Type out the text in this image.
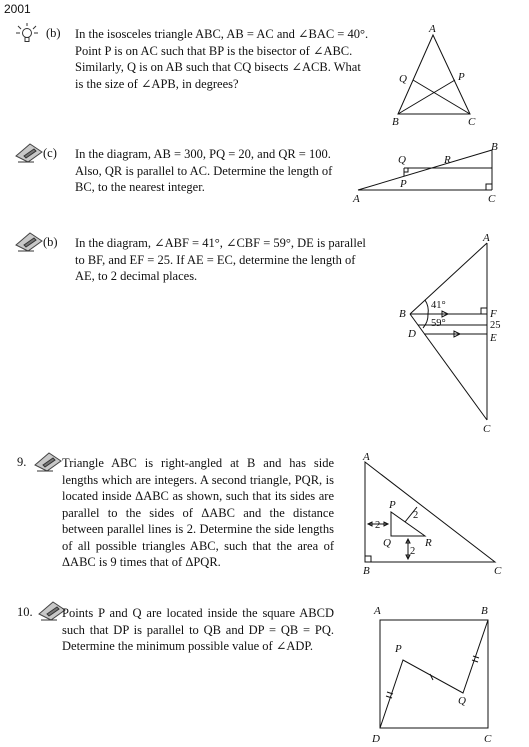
2001
(b) In the isosceles triangle ABC, AB = AC and ∠BAC = 40°. Point P is on AC such that BP is the bisector of ∠ABC. Similarly, Q is on AB such that CQ bisects ∠ACB. What is the size of ∠APB, in degrees?
A
B	C
P
Q
(c) In the diagram, AB = 300, PQ = 20, and QR = 100. Also, QR is parallel to AC. Determine the length of BC, to the nearest integer.
A
B
C
P
Q	R
(b) In the diagram, ∠ABF = 41°, ∠CBF = 59°, DE is parallel to BF, and EF = 25. If AE = EC, determine the length of AE, to 2 decimal places.
A
B
C
D	E
F
41°
59°	25
9.	Triangle ABC is right-angled at B and has side lengths which are integers. A second triangle, PQR, is located inside ΔABC as shown, such that its sides are parallel to the sides of ΔABC and the distance between parallel lines is 2. Determine the side lengths of all possible triangles ABC, such that the area of ΔABC is 9 times that of ΔPQR.
A
B	C
P
Q	R
2
2
2
10. Points P and Q are located inside the square ABCD such that DP is parallel to QB and DP = QB = PQ. Determine the minimum possible value of ∠ADP.
A	B
C
D
P
Q
